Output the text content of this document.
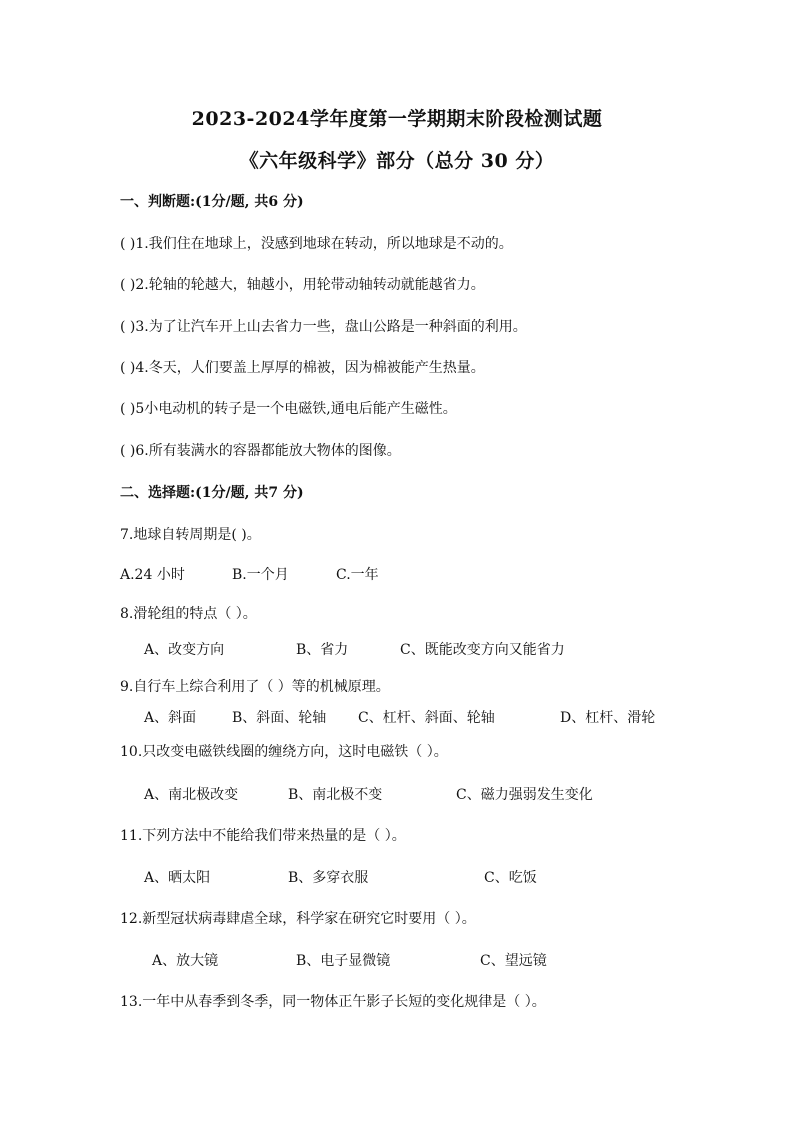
2023-2024学年度第一学期期末阶段检测试题
《六年级科学》部分（总分 30 分）
一、判断题:(1分/题, 共6 分)
( )1.我们住在地球上，没感到地球在转动，所以地球是不动的。
( )2.轮轴的轮越大，轴越小，用轮带动轴转动就能越省力。
( )3.为了让汽车开上山去省力一些，盘山公路是一种斜面的利用。
( )4.冬天，人们要盖上厚厚的棉被，因为棉被能产生热量。
( )5小电动机的转子是一个电磁铁,通电后能产生磁性。
( )6.所有装满水的容器都能放大物体的图像。
二、选择题:(1分/题, 共7 分)
7.地球自转周期是( )。
A.24 小时	B.一个月	C.一年
8.滑轮组的特点（ ）。
A、改变方向	B、省力	C、既能改变方向又能省力
9.自行车上综合利用了（ ）等的机械原理。
A、斜面	B、斜面、轮轴 C、杠杆、斜面、轮轴	D、杠杆、滑轮
10.只改变电磁铁线圈的缠绕方向，这时电磁铁（ ）。
A、南北极改变	B、南北极不变	C、磁力强弱发生变化
11.下列方法中不能给我们带来热量的是（ ）。
A、晒太阳	B、多穿衣服	C、吃饭
12.新型冠状病毒肆虐全球，科学家在研究它时要用（ ）。
A、放大镜	B、电子显微镜	C、望远镜
13.一年中从春季到冬季，同一物体正午影子长短的变化规律是（ ）。
